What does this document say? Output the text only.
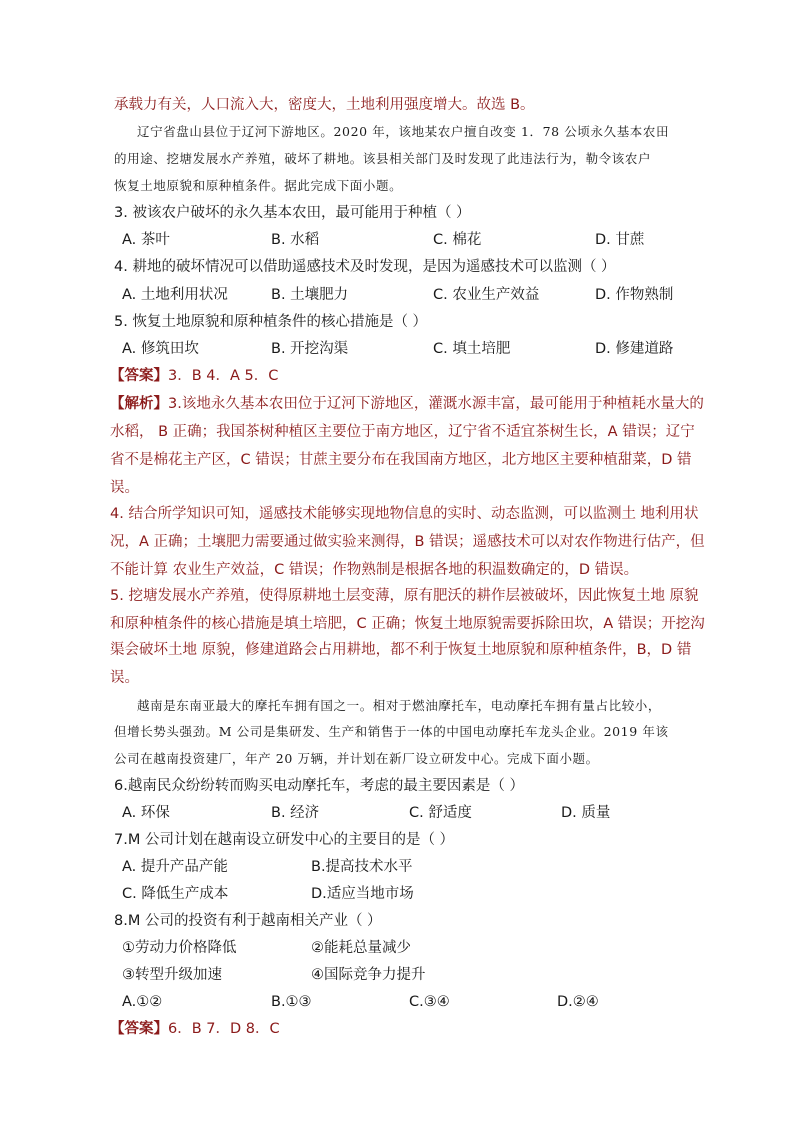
承载力有关，人口流入大，密度大，土地利用强度增大。故选 B。
辽宁省盘山县位于辽河下游地区。2020 年，该地某农户擅自改变 1．78 公顷永久基本农田
的用途、挖塘发展水产养殖，破坏了耕地。该县相关部门及时发现了此违法行为，勒令该农户
恢复土地原貌和原种植条件。据此完成下面小题。
3. 被该农户破坏的永久基本农田，最可能用于种植（ ）
A. 茶叶	B. 水稻	C. 棉花	D. 甘蔗
4. 耕地的破坏情况可以借助遥感技术及时发现，是因为遥感技术可以监测（ ）
A. 土地利用状况	B. 土壤肥力	C. 农业生产效益	D. 作物熟制
5. 恢复土地原貌和原种植条件的核心措施是（ ）
A. 修筑田坎	B. 开挖沟渠	C. 填土培肥	D. 修建道路
【答案】3．B 4．A 5．C
【解析】3.该地永久基本农田位于辽河下游地区，灌溉水源丰富，最可能用于种植耗水量大的
水稻， B 正确；我国茶树种植区主要位于南方地区，辽宁省不适宜茶树生长，A 错误；辽宁
省不是棉花主产区，C 错误；甘蔗主要分布在我国南方地区，北方地区主要种植甜菜，D 错
误。
4. 结合所学知识可知，遥感技术能够实现地物信息的实时、动态监测，可以监测土 地利用状
况，A 正确；土壤肥力需要通过做实验来测得，B 错误；遥感技术可以对农作物进行估产，但
不能计算 农业生产效益，C 错误；作物熟制是根据各地的积温数确定的，D 错误。
5. 挖塘发展水产养殖，使得原耕地土层变薄，原有肥沃的耕作层被破坏，因此恢复土地 原貌
和原种植条件的核心措施是填土培肥，C 正确；恢复土地原貌需要拆除田坎，A 错误；开挖沟
渠会破坏土地 原貌，修建道路会占用耕地，都不利于恢复土地原貌和原种植条件，B，D 错
误。
越南是东南亚最大的摩托车拥有国之一。相对于燃油摩托车，电动摩托车拥有量占比较小，
但增长势头强劲。M 公司是集研发、生产和销售于一体的中国电动摩托车龙头企业。2019 年该
公司在越南投资建厂，年产 20 万辆，并计划在新厂设立研发中心。完成下面小题。
6.越南民众纷纷转而购买电动摩托车，考虑的最主要因素是（ ）
A. 环保	B. 经济	C. 舒适度	D. 质量
7.M 公司计划在越南设立研发中心的主要目的是（ ）
A. 提升产品产能	B.提高技术水平
C. 降低生产成本	D.适应当地市场
8.M 公司的投资有利于越南相关产业（ ）
①劳动力价格降低	②能耗总量减少
③转型升级加速	④国际竞争力提升
A.①②	B.①③	C.③④	D.②④
【答案】6．B 7．D 8．C
